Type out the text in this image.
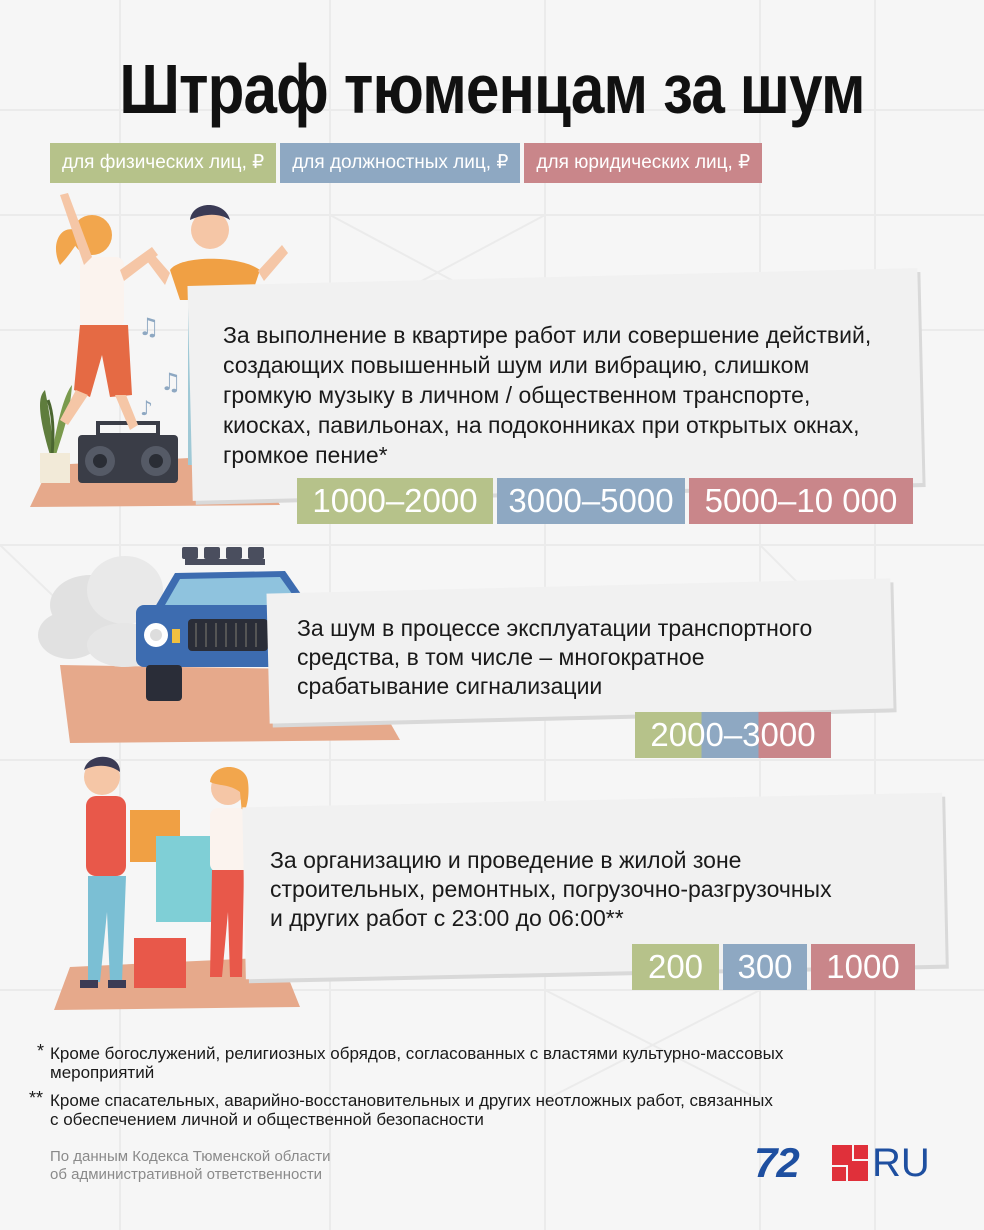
Штраф тюменцам за шум
для физических лиц, ₽	для должностных лиц, ₽	для юридических лиц, ₽
♫
♫
♪
За выполнение в квартире работ или совершение действий,
создающих повышенный шум или вибрацию, слишком
громкую музыку в личном / общественном транспорте,
киосках, павильонах, на подоконниках при открытых окнах,
громкое пение*
1000–2000 3000–5000 5000–10 000
За шум в процессе эксплуатации транспортного
средства, в том числе – многократное
срабатывание сигнализации
2000–3000
За организацию и проведение в жилой зоне
строительных, ремонтных, погрузочно-разгрузочных
и других работ с 23:00 до 06:00**
200	300	1000
* Кроме богослужений, религиозных обрядов, согласованных с властями культурно-массовых
мероприятий
** Кроме спасательных, аварийно-восстановительных и других неотложных работ, связанных
с обеспечением личной и общественной безопасности
По данным Кодекса Тюменской области
об административной ответственности	72 RU
